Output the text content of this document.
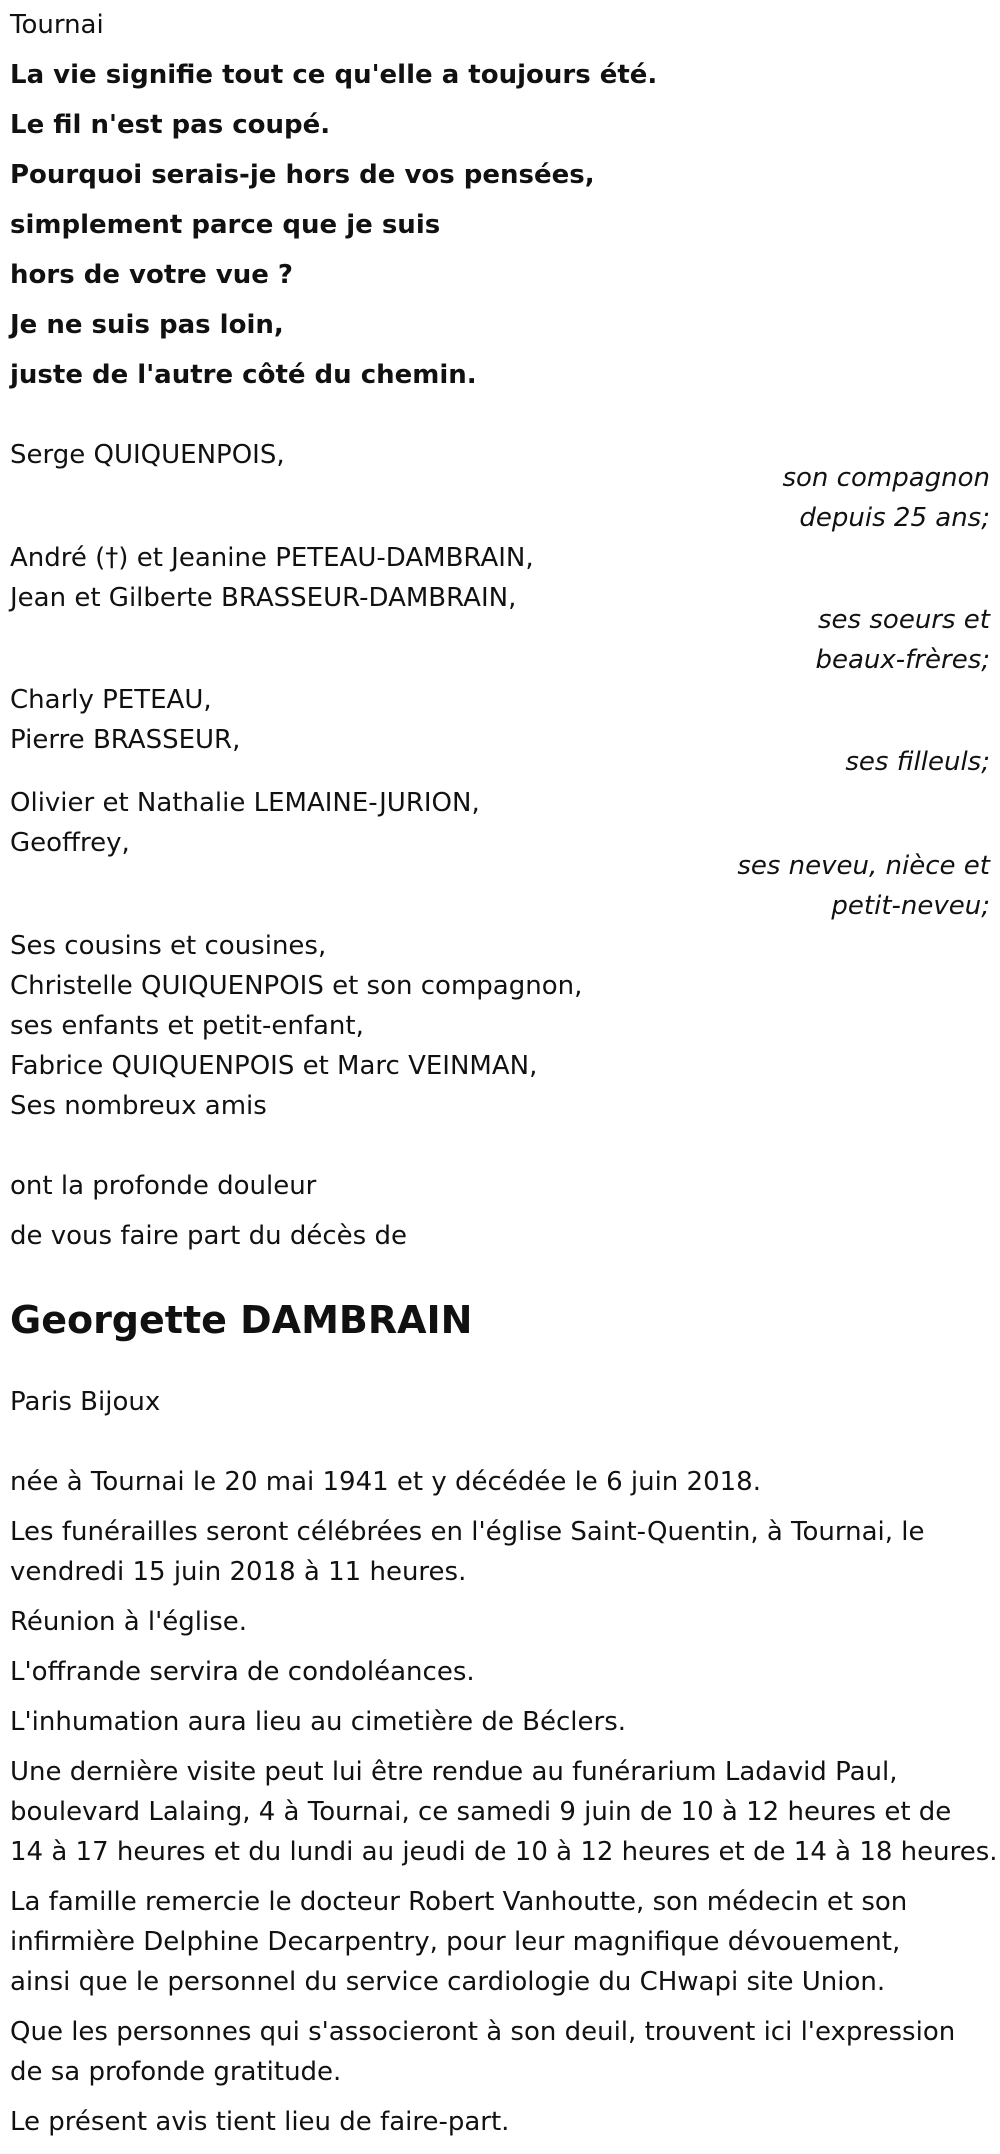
Tournai

La vie signifie tout ce qu'elle a toujours été.

Le fil n'est pas coupé.

Pourquoi serais-je hors de vos pensées,

simplement parce que je suis

hors de votre vue ?

Je ne suis pas loin,

juste de l'autre côté du chemin.

Serge QUIQUENPOIS,

son compagnon

depuis 25 ans;

André (†) et Jeanine PETEAU-DAMBRAIN,

Jean et Gilberte BRASSEUR-DAMBRAIN,

ses soeurs et

beaux-frères;

Charly PETEAU,

Pierre BRASSEUR,

ses filleuls;

Olivier et Nathalie LEMAINE-JURION,

Geoffrey,

ses neveu, nièce et

petit-neveu;

Ses cousins et cousines,

Christelle QUIQUENPOIS et son compagnon,

ses enfants et petit-enfant,

Fabrice QUIQUENPOIS et Marc VEINMAN,

Ses nombreux amis

ont la profonde douleur

de vous faire part du décès de

Georgette DAMBRAIN

Paris Bijoux

née à Tournai le 20 mai 1941 et y décédée le 6 juin 2018.

Les funérailles seront célébrées en l'église Saint-Quentin, à Tournai, le

vendredi 15 juin 2018 à 11 heures.

Réunion à l'église.

L'offrande servira de condoléances.

L'inhumation aura lieu au cimetière de Béclers.

Une dernière visite peut lui être rendue au funérarium Ladavid Paul,

boulevard Lalaing, 4 à Tournai, ce samedi 9 juin de 10 à 12 heures et de

14 à 17 heures et du lundi au jeudi de 10 à 12 heures et de 14 à 18 heures.

La famille remercie le docteur Robert Vanhoutte, son médecin et son

infirmière Delphine Decarpentry, pour leur magnifique dévouement,

ainsi que le personnel du service cardiologie du CHwapi site Union.

Que les personnes qui s'associeront à son deuil, trouvent ici l'expression

de sa profonde gratitude.

Le présent avis tient lieu de faire-part.
